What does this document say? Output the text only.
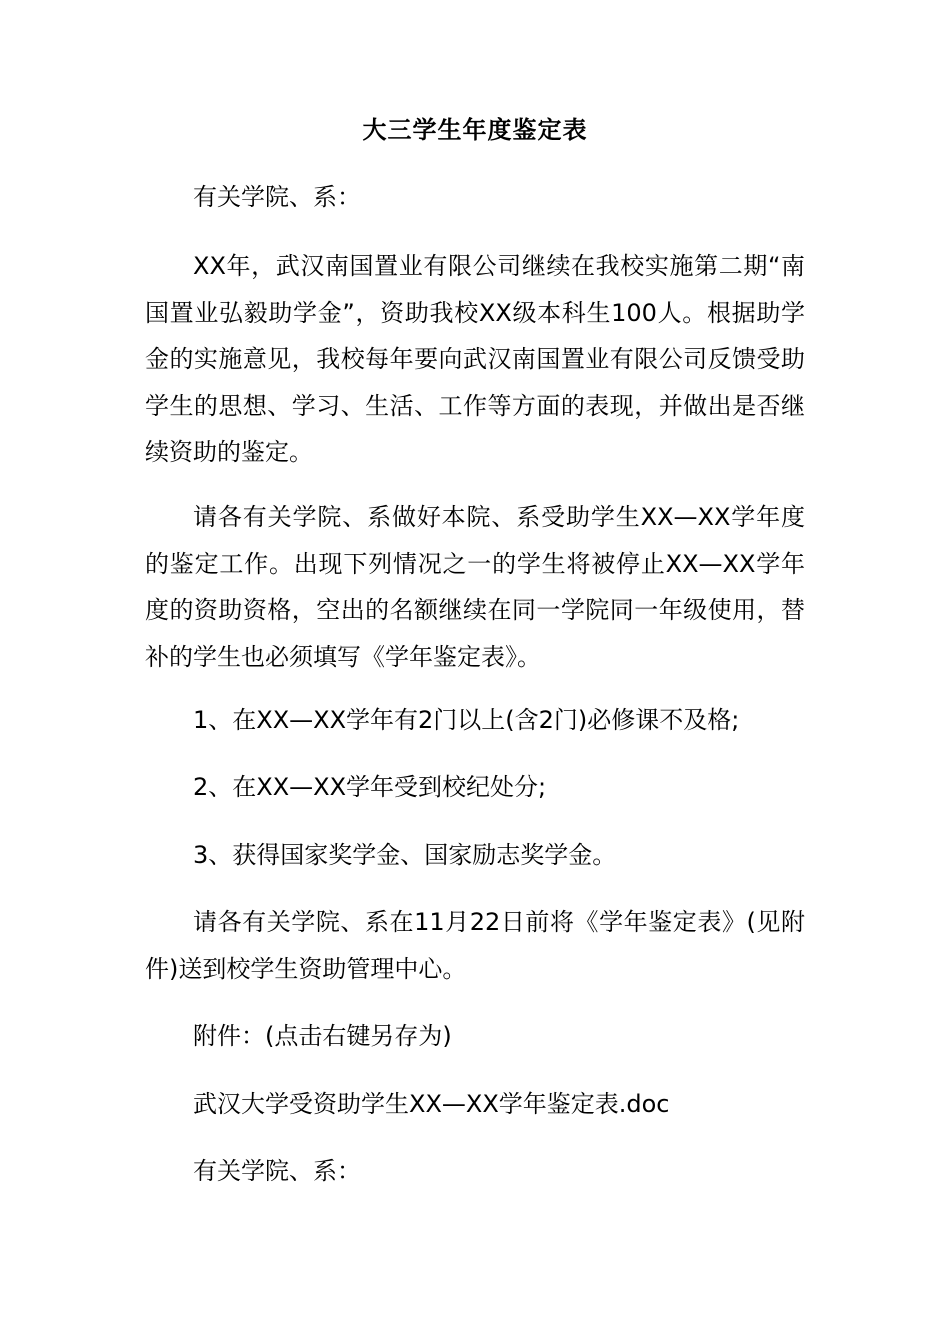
大三学生年度鉴定表

有关学院、系：

XX年，武汉南国置业有限公司继续在我校实施第二期“南国置业弘毅助学金”，资助我校XX级本科生100人。根据助学金的实施意见，我校每年要向武汉南国置业有限公司反馈受助学生的思想、学习、生活、工作等方面的表现，并做出是否继续资助的鉴定。

请各有关学院、系做好本院、系受助学生XX—XX学年度的鉴定工作。出现下列情况之一的学生将被停止XX—XX学年度的资助资格，空出的名额继续在同一学院同一年级使用，替补的学生也必须填写《学年鉴定表》。

1、在XX—XX学年有2门以上(含2门)必修课不及格;

2、在XX—XX学年受到校纪处分;

3、获得国家奖学金、国家励志奖学金。

请各有关学院、系在11月22日前将《学年鉴定表》(见附件)送到校学生资助管理中心。

附件：(点击右键另存为)

武汉大学受资助学生XX—XX学年鉴定表.doc

有关学院、系：
